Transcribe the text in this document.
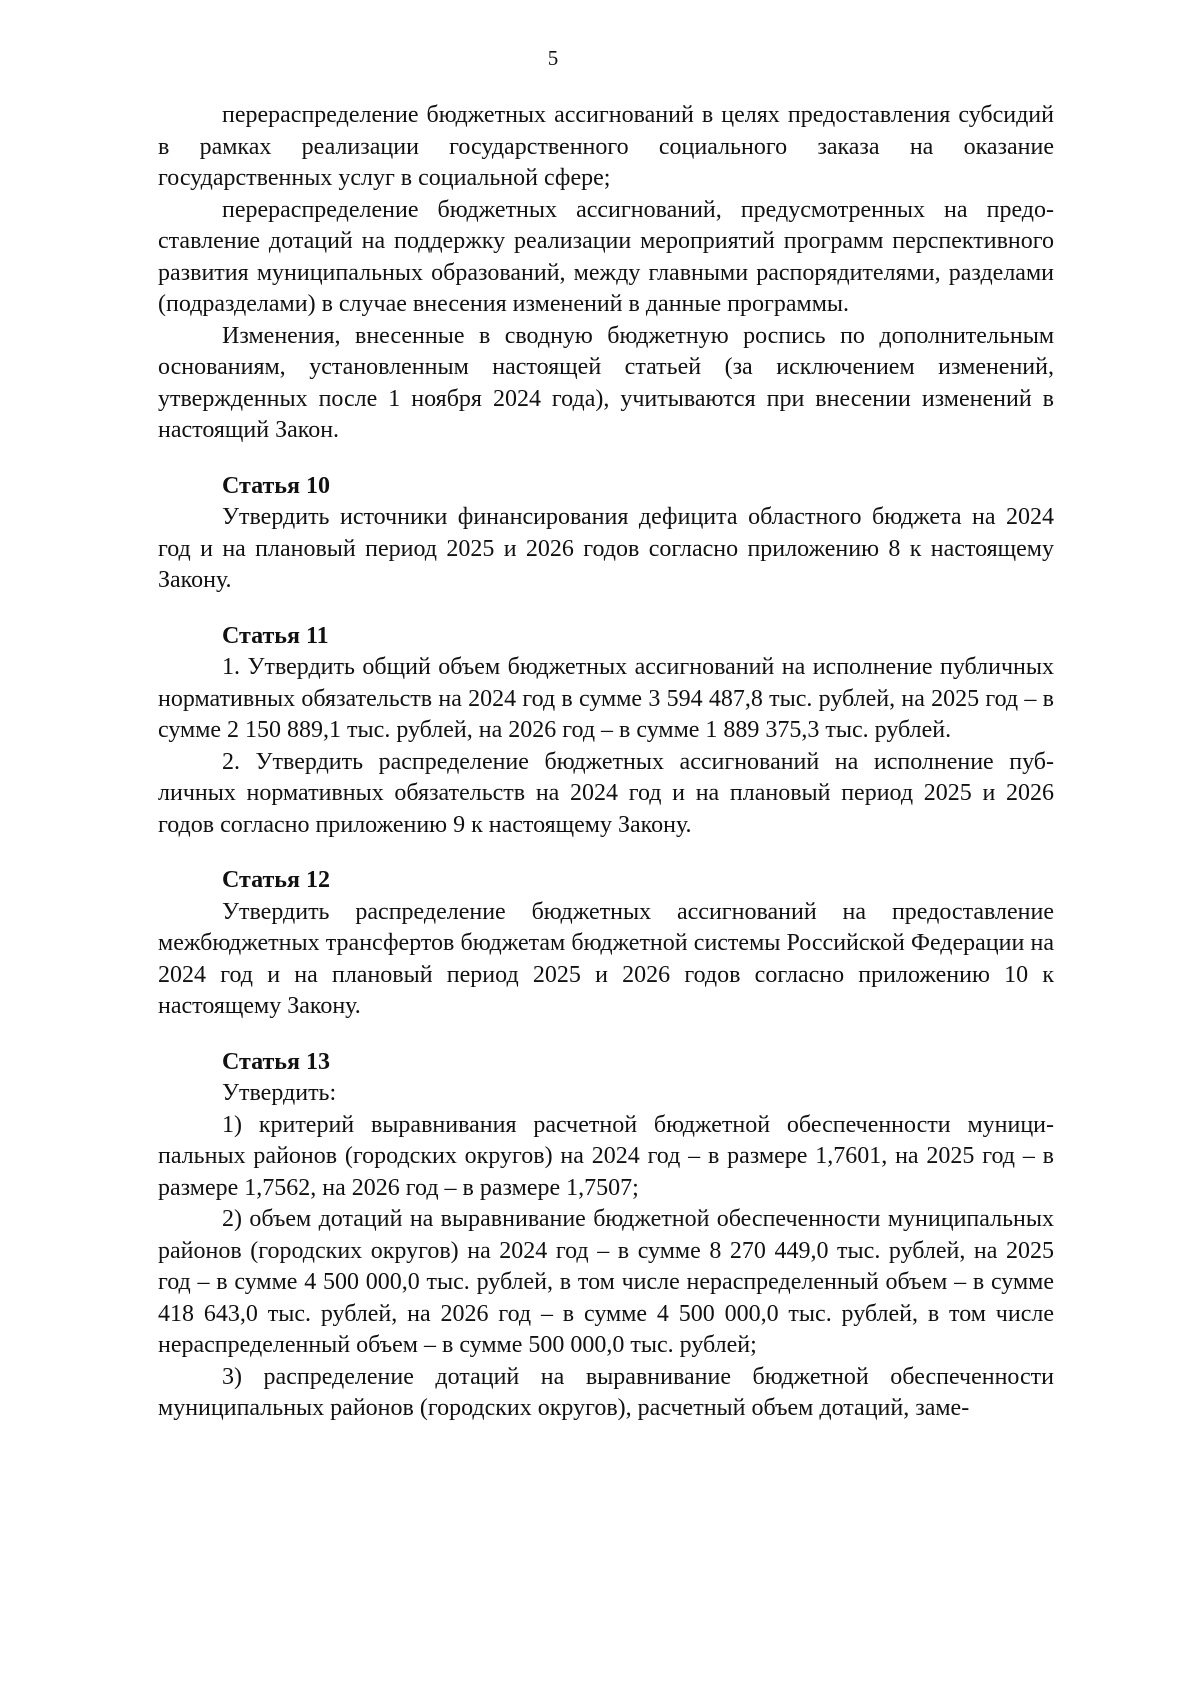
5

перераспределение бюджетных ассигнований в целях предоставления субсидий в рамках реализации государственного социального заказа на оказание государственных услуг в социальной сфере;

перераспределение бюджетных ассигнований, предусмотренных на предоставление дотаций на поддержку реализации мероприятий программ перспективного развития муниципальных образований, между главными распорядителями, разделами (подразделами) в случае внесения изменений в данные программы.

Изменения, внесенные в сводную бюджетную роспись по дополнительным основаниям, установленным настоящей статьей (за исключением изменений, утвержденных после 1 ноября 2024 года), учитываются при внесении изменений в настоящий Закон.

Статья 10

Утвердить источники финансирования дефицита областного бюджета на 2024 год и на плановый период 2025 и 2026 годов согласно приложению 8 к настоящему Закону.

Статья 11

1. Утвердить общий объем бюджетных ассигнований на исполнение публичных нормативных обязательств на 2024 год в сумме 3 594 487,8 тыс. рублей, на 2025 год – в сумме 2 150 889,1 тыс. рублей, на 2026 год – в сумме 1 889 375,3 тыс. рублей.

2. Утвердить распределение бюджетных ассигнований на исполнение публичных нормативных обязательств на 2024 год и на плановый период 2025 и 2026 годов согласно приложению 9 к настоящему Закону.

Статья 12

Утвердить распределение бюджетных ассигнований на предоставление межбюджетных трансфертов бюджетам бюджетной системы Российской Федерации на 2024 год и на плановый период 2025 и 2026 годов согласно приложению 10 к настоящему Закону.

Статья 13

Утвердить:

1) критерий выравнивания расчетной бюджетной обеспеченности муниципальных районов (городских округов) на 2024 год – в размере 1,7601, на 2025 год – в размере 1,7562, на 2026 год – в размере 1,7507;

2) объем дотаций на выравнивание бюджетной обеспеченности муниципальных районов (городских округов) на 2024 год – в сумме 8 270 449,0 тыс. рублей, на 2025 год – в сумме 4 500 000,0 тыс. рублей, в том числе нераспределенный объем – в сумме 418 643,0 тыс. рублей, на 2026 год – в сумме 4 500 000,0 тыс. рублей, в том числе нераспределенный объем – в сумме 500 000,0 тыс. рублей;

3) распределение дотаций на выравнивание бюджетной обеспеченности муниципальных районов (городских округов), расчетный объем дотаций, заме-
